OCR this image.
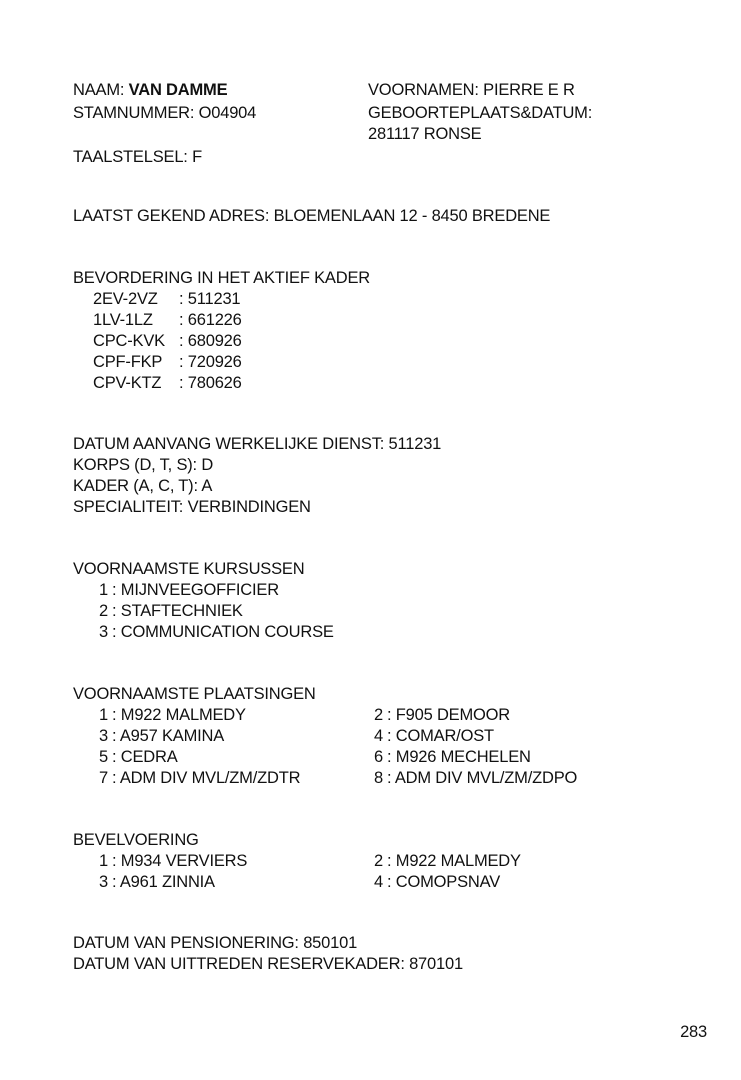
NAAM: VAN DAMME	VOORNAMEN: PIERRE E R
STAMNUMMER: O04904	GEBOORTEPLAATS&DATUM:
281117 RONSE
TAALSTELSEL: F
LAATST GEKEND ADRES: BLOEMENLAAN 12 - 8450 BREDENE
BEVORDERING IN HET AKTIEF KADER
2EV-2VZ : 511231
1LV-1LZ : 661226
CPC-KVK : 680926
CPF-FKP : 720926
CPV-KTZ : 780626
DATUM AANVANG WERKELIJKE DIENST: 511231
KORPS (D, T, S): D
KADER (A, C, T): A
SPECIALITEIT: VERBINDINGEN
VOORNAAMSTE KURSUSSEN
1 : MIJNVEEGOFFICIER
2 : STAFTECHNIEK
3 : COMMUNICATION COURSE
VOORNAAMSTE PLAATSINGEN
1 : M922 MALMEDY	2 : F905 DEMOOR
3 : A957 KAMINA	4 : COMAR/OST
5 : CEDRA	6 : M926 MECHELEN
7 : ADM DIV MVL/ZM/ZDTR	8 : ADM DIV MVL/ZM/ZDPO
BEVELVOERING
1 : M934 VERVIERS	2 : M922 MALMEDY
3 : A961 ZINNIA	4 : COMOPSNAV
DATUM VAN PENSIONERING: 850101
DATUM VAN UITTREDEN RESERVEKADER: 870101
283
